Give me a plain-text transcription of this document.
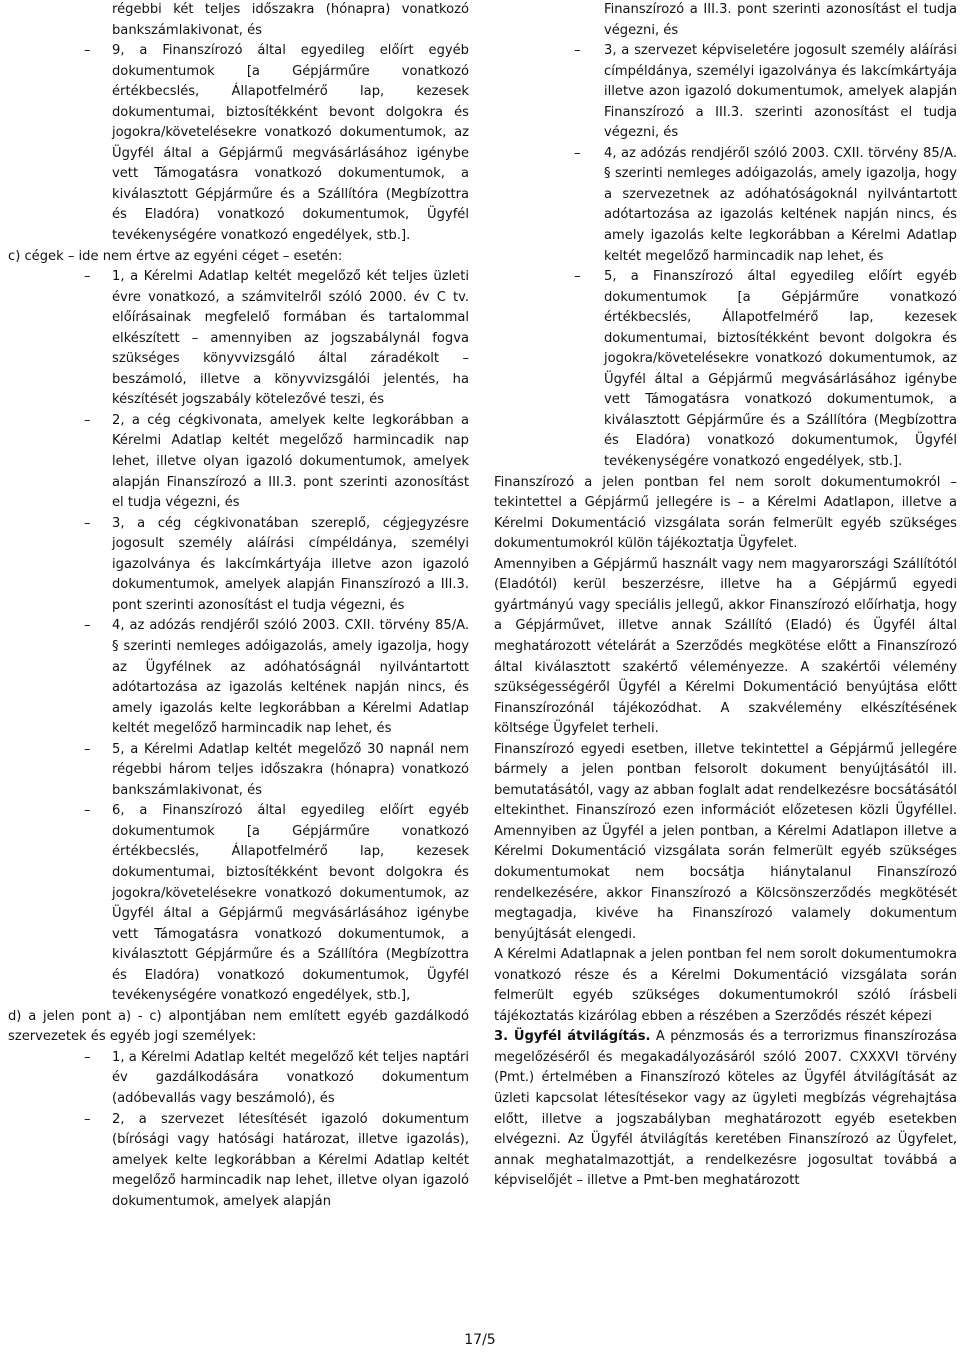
régebbi két teljes időszakra (hónapra) vonatkozó bankszámlakivonat, és

– 9, a Finanszírozó által egyedileg előírt egyéb dokumentumok [a Gépjárműre vonatkozó értékbecslés, Állapotfelmérő lap, kezesek dokumentumai, biztosítékként bevont dolgokra és jogokra/követelésekre vonatkozó dokumentumok, az Ügyfél által a Gépjármű megvásárlásához igénybe vett Támogatásra vonatkozó dokumentumok, a kiválasztott Gépjárműre és a Szállítóra (Megbízottra és Eladóra) vonatkozó dokumentumok, Ügyfél tevékenységére vonatkozó engedélyek, stb.].

c) cégek – ide nem értve az egyéni céget – esetén:

– 1, a Kérelmi Adatlap keltét megelőző két teljes üzleti évre vonatkozó, a számvitelről szóló 2000. év C tv. előírásainak megfelelő formában és tartalommal elkészített – amennyiben az jogszabálynál fogva szükséges könyvvizsgáló által záradékolt – beszámoló, illetve a könyvvizsgálói jelentés, ha készítését jogszabály kötelezővé teszi, és

– 2, a cég cégkivonata, amelyek kelte legkorábban a Kérelmi Adatlap keltét megelőző harmincadik nap lehet, illetve olyan igazoló dokumentumok, amelyek alapján Finanszírozó a III.3. pont szerinti azonosítást el tudja végezni, és

– 3, a cég cégkivonatában szereplő, cégjegyzésre jogosult személy aláírási címpéldánya, személyi igazolványa és lakcímkártyája illetve azon igazoló dokumentumok, amelyek alapján Finanszírozó a III.3. pont szerinti azonosítást el tudja végezni, és

– 4, az adózás rendjéről szóló 2003. CXII. törvény 85/A. § szerinti nemleges adóigazolás, amely igazolja, hogy az Ügyfélnek az adóhatóságnál nyilvántartott adótartozása az igazolás keltének napján nincs, és amely igazolás kelte legkorábban a Kérelmi Adatlap keltét megelőző harmincadik nap lehet, és

– 5, a Kérelmi Adatlap keltét megelőző 30 napnál nem régebbi három teljes időszakra (hónapra) vonatkozó bankszámlakivonat, és

– 6, a Finanszírozó által egyedileg előírt egyéb dokumentumok [a Gépjárműre vonatkozó értékbecslés, Állapotfelmérő lap, kezesek dokumentumai, biztosítékként bevont dolgokra és jogokra/követelésekre vonatkozó dokumentumok, az Ügyfél által a Gépjármű megvásárlásához igénybe vett Támogatásra vonatkozó dokumentumok, a kiválasztott Gépjárműre és a Szállítóra (Megbízottra és Eladóra) vonatkozó dokumentumok, Ügyfél tevékenységére vonatkozó engedélyek, stb.],

d) a jelen pont a) - c) alpontjában nem említett egyéb gazdálkodó szervezetek és egyéb jogi személyek:

– 1, a Kérelmi Adatlap keltét megelőző két teljes naptári év gazdálkodására vonatkozó dokumentum (adóbevallás vagy beszámoló), és

– 2, a szervezet létesítését igazoló dokumentum (bírósági vagy hatósági határozat, illetve igazolás), amelyek kelte legkorábban a Kérelmi Adatlap keltét megelőző harmincadik nap lehet, illetve olyan igazoló dokumentumok, amelyek alapján

Finanszírozó a III.3. pont szerinti azonosítást el tudja végezni, és

– 3, a szervezet képviseletére jogosult személy aláírási címpéldánya, személyi igazolványa és lakcímkártyája illetve azon igazoló dokumentumok, amelyek alapján Finanszírozó a III.3. szerinti azonosítást el tudja végezni, és

– 4, az adózás rendjéről szóló 2003. CXII. törvény 85/A. § szerinti nemleges adóigazolás, amely igazolja, hogy a szervezetnek az adóhatóságoknál nyilvántartott adótartozása az igazolás keltének napján nincs, és amely igazolás kelte legkorábban a Kérelmi Adatlap keltét megelőző harmincadik nap lehet, és

– 5, a Finanszírozó által egyedileg előírt egyéb dokumentumok [a Gépjárműre vonatkozó értékbecslés, Állapotfelmérő lap, kezesek dokumentumai, biztosítékként bevont dolgokra és jogokra/követelésekre vonatkozó dokumentumok, az Ügyfél által a Gépjármű megvásárlásához igénybe vett Támogatásra vonatkozó dokumentumok, a kiválasztott Gépjárműre és a Szállítóra (Megbízottra és Eladóra) vonatkozó dokumentumok, Ügyfél tevékenységére vonatkozó engedélyek, stb.].

Finanszírozó a jelen pontban fel nem sorolt dokumentumokról – tekintettel a Gépjármű jellegére is – a Kérelmi Adatlapon, illetve a Kérelmi Dokumentáció vizsgálata során felmerült egyéb szükséges dokumentumokról külön tájékoztatja Ügyfelet.

Amennyiben a Gépjármű használt vagy nem magyarországi Szállítótól (Eladótól) kerül beszerzésre, illetve ha a Gépjármű egyedi gyártmányú vagy speciális jellegű, akkor Finanszírozó előírhatja, hogy a Gépjárművet, illetve annak Szállító (Eladó) és Ügyfél által meghatározott vételárát a Szerződés megkötése előtt a Finanszírozó által kiválasztott szakértő véleményezze. A szakértői vélemény szükségességéről Ügyfél a Kérelmi Dokumentáció benyújtása előtt Finanszírozónál tájékozódhat. A szakvélemény elkészítésének költsége Ügyfelet terheli.

Finanszírozó egyedi esetben, illetve tekintettel a Gépjármű jellegére bármely a jelen pontban felsorolt dokument benyújtásától ill. bemutatásától, vagy az abban foglalt adat rendelkezésre bocsátásától eltekinthet. Finanszírozó ezen információt előzetesen közli Ügyféllel. Amennyiben az Ügyfél a jelen pontban, a Kérelmi Adatlapon illetve a Kérelmi Dokumentáció vizsgálata során felmerült egyéb szükséges dokumentumokat nem bocsátja hiánytalanul Finanszírozó rendelkezésére, akkor Finanszírozó a Kölcsönszerződés megkötését megtagadja, kivéve ha Finanszírozó valamely dokumentum benyújtását elengedi.

A Kérelmi Adatlapnak a jelen pontban fel nem sorolt dokumentumokra vonatkozó része és a Kérelmi Dokumentáció vizsgálata során felmerült egyéb szükséges dokumentumokról szóló írásbeli tájékoztatás kizárólag ebben a részében a Szerződés részét képezi

3. Ügyfél átvilágítás. A pénzmosás és a terrorizmus finanszírozása megelőzéséről és megakadályozásáról szóló 2007. CXXXVI törvény (Pmt.) értelmében a Finanszírozó köteles az Ügyfél átvilágítását az üzleti kapcsolat létesítésekor vagy az ügyleti megbízás végrehajtása előtt, illetve a jogszabályban meghatározott egyéb esetekben elvégezni. Az Ügyfél átvilágítás keretében Finanszírozó az Ügyfelet, annak meghatalmazottját, a rendelkezésre jogosultat továbbá a képviselőjét – illetve a Pmt-ben meghatározott

17/5
